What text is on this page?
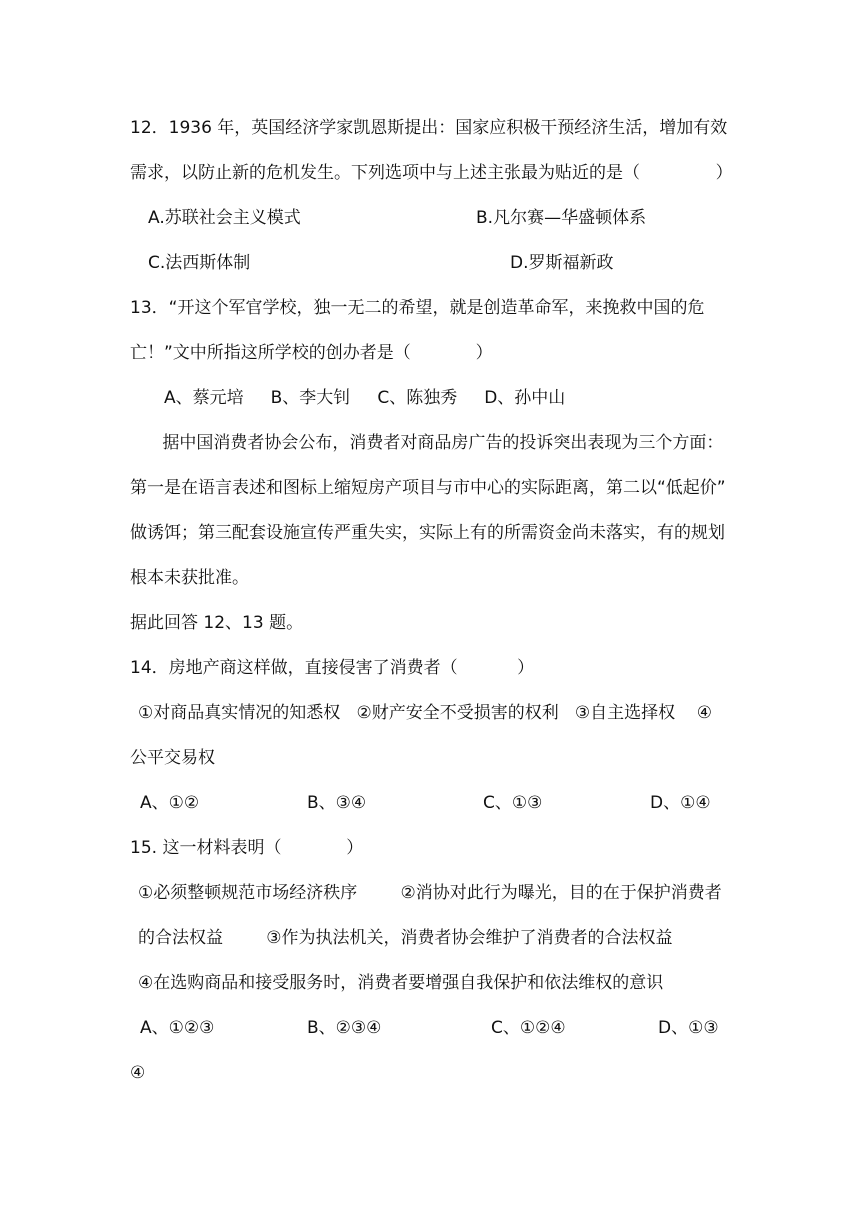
12．1936 年，英国经济学家凯恩斯提出：国家应积极干预经济生活，增加有效

需求，以防止新的危机发生。下列选项中与上述主张最为贴近的是（              ）

A.苏联社会主义模式	B.凡尔赛—华盛顿体系
C.法西斯体制	D.罗斯福新政

13．“开这个军官学校，独一无二的希望，就是创造革命军，来挽救中国的危

亡！”文中所指这所学校的创办者是（            ）

A、蔡元培     B、李大钊     C、陈独秀     D、孙中山

据中国消费者协会公布，消费者对商品房广告的投诉突出表现为三个方面：

第一是在语言表述和图标上缩短房产项目与市中心的实际距离，第二以“低起价”

做诱饵；第三配套设施宣传严重失实，实际上有的所需资金尚未落实，有的规划

根本未获批准。

据此回答 12、13 题。

14．房地产商这样做，直接侵害了消费者（           ）

①对商品真实情况的知悉权   ②财产安全不受损害的权利   ③自主选择权    ④

公平交易权

A、①②	B、③④	C、①③	D、①④

15. 这一材料表明（            ）

①必须整顿规范市场经济秩序        ②消协对此行为曝光，目的在于保护消费者

的合法权益        ③作为执法机关，消费者协会维护了消费者的合法权益

④在选购商品和接受服务时，消费者要增强自我保护和依法维权的意识

A、①②③	B、②③④	C、①②④	D、①③

④
